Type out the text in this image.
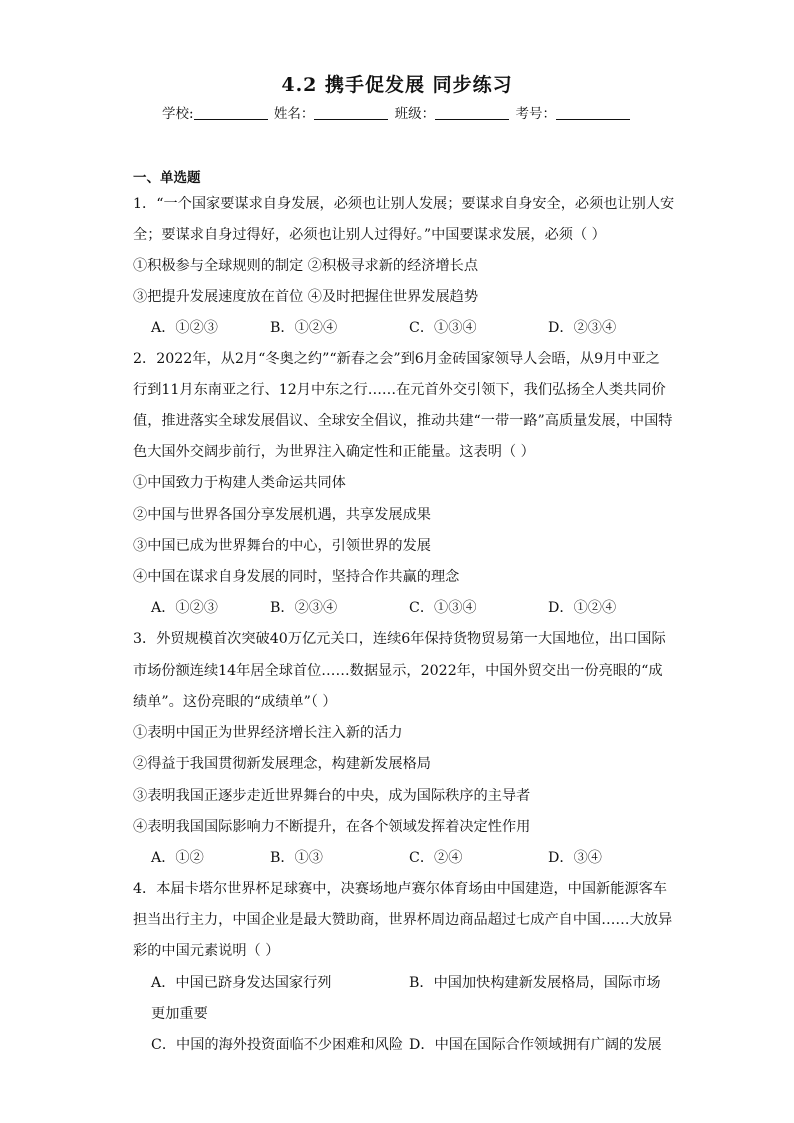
4.2 携手促发展 同步练习
学校:	姓名：	班级：	考号：
一、单选题
1．“一个国家要谋求自身发展，必须也让别人发展；要谋求自身安全，必须也让别人安
全；要谋求自身过得好，必须也让别人过得好。”中国要谋求发展，必须（ ）
①积极参与全球规则的制定 ②积极寻求新的经济增长点
③把提升发展速度放在首位 ④及时把握住世界发展趋势
A．①②③	B．①②④	C．①③④	D．②③④
2．2022年，从2月“冬奥之约”“新春之会”到6月金砖国家领导人会晤，从9月中亚之
行到11月东南亚之行、12月中东之行……在元首外交引领下，我们弘扬全人类共同价
值，推进落实全球发展倡议、全球安全倡议，推动共建“一带一路”高质量发展，中国特
色大国外交阔步前行，为世界注入确定性和正能量。这表明（ ）
①中国致力于构建人类命运共同体
②中国与世界各国分享发展机遇，共享发展成果
③中国已成为世界舞台的中心，引领世界的发展
④中国在谋求自身发展的同时，坚持合作共赢的理念
A．①②③	B．②③④	C．①③④	D．①②④
3．外贸规模首次突破40万亿元关口，连续6年保持货物贸易第一大国地位，出口国际
市场份额连续14年居全球首位……数据显示，2022年，中国外贸交出一份亮眼的“成
绩单”。这份亮眼的“成绩单”（ ）
①表明中国正为世界经济增长注入新的活力
②得益于我国贯彻新发展理念，构建新发展格局
③表明我国正逐步走近世界舞台的中央，成为国际秩序的主导者
④表明我国国际影响力不断提升，在各个领域发挥着决定性作用
A．①②	B．①③	C．②④	D．③④
4．本届卡塔尔世界杯足球赛中，决赛场地卢赛尔体育场由中国建造，中国新能源客车
担当出行主力，中国企业是最大赞助商，世界杯周边商品超过七成产自中国……大放异
彩的中国元素说明（ ）
A．中国已跻身发达国家行列	B．中国加快构建新发展格局，国际市场
更加重要
C．中国的海外投资面临不少困难和风险 D．中国在国际合作领域拥有广阔的发展
